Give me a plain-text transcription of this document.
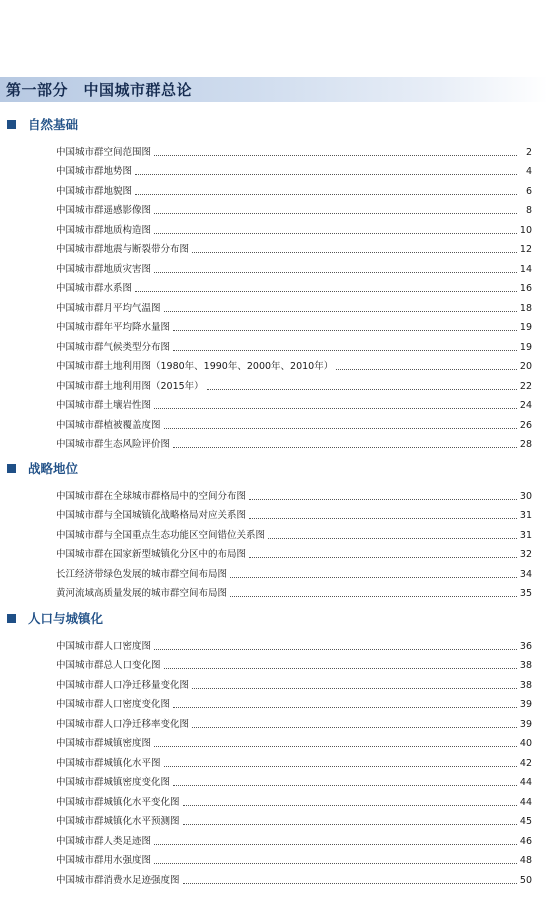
第一部分　中国城市群总论
自然基础
中国城市群空间范围图	2
中国城市群地势图	4
中国城市群地貌图	6
中国城市群遥感影像图	8
中国城市群地质构造图	10
中国城市群地震与断裂带分布图	12
中国城市群地质灾害图	14
中国城市群水系图	16
中国城市群月平均气温图	18
中国城市群年平均降水量图	19
中国城市群气候类型分布图	19
中国城市群土地利用图（1980年、1990年、2000年、2010年）	20
中国城市群土地利用图（2015年）	22
中国城市群土壤岩性图	24
中国城市群植被覆盖度图	26
中国城市群生态风险评价图	28
战略地位
中国城市群在全球城市群格局中的空间分布图	30
中国城市群与全国城镇化战略格局对应关系图	31
中国城市群与全国重点生态功能区空间错位关系图	31
中国城市群在国家新型城镇化分区中的布局图	32
长江经济带绿色发展的城市群空间布局图	34
黄河流域高质量发展的城市群空间布局图	35
人口与城镇化
中国城市群人口密度图	36
中国城市群总人口变化图	38
中国城市群人口净迁移量变化图	38
中国城市群人口密度变化图	39
中国城市群人口净迁移率变化图	39
中国城市群城镇密度图	40
中国城市群城镇化水平图	42
中国城市群城镇密度变化图	44
中国城市群城镇化水平变化图	44
中国城市群城镇化水平预测图	45
中国城市群人类足迹图	46
中国城市群用水强度图	48
中国城市群消费水足迹强度图	50
